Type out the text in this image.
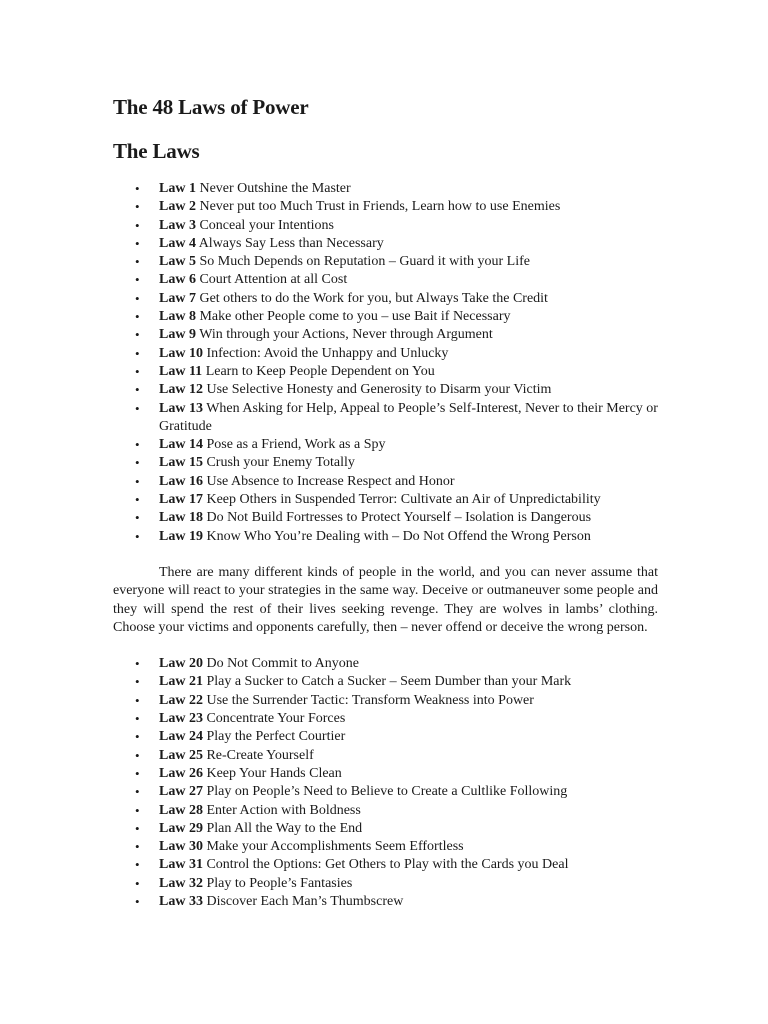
The 48 Laws of Power
The Laws
• Law 1 Never Outshine the Master
• Law 2 Never put too Much Trust in Friends, Learn how to use Enemies
• Law 3 Conceal your Intentions
• Law 4 Always Say Less than Necessary
• Law 5 So Much Depends on Reputation – Guard it with your Life
• Law 6 Court Attention at all Cost
• Law 7 Get others to do the Work for you, but Always Take the Credit
• Law 8 Make other People come to you – use Bait if Necessary
• Law 9 Win through your Actions, Never through Argument
• Law 10 Infection: Avoid the Unhappy and Unlucky
• Law 11 Learn to Keep People Dependent on You
• Law 12 Use Selective Honesty and Generosity to Disarm your Victim
• Law 13 When Asking for Help, Appeal to People’s Self-Interest, Never to their Mercy or Gratitude
• Law 14 Pose as a Friend, Work as a Spy
• Law 15 Crush your Enemy Totally
• Law 16 Use Absence to Increase Respect and Honor
• Law 17 Keep Others in Suspended Terror: Cultivate an Air of Unpredictability
• Law 18 Do Not Build Fortresses to Protect Yourself – Isolation is Dangerous
• Law 19 Know Who You’re Dealing with – Do Not Offend the Wrong Person

There are many different kinds of people in the world, and you can never assume that everyone will react to your strategies in the same way. Deceive or outmaneuver some people and they will spend the rest of their lives seeking revenge. They are wolves in lambs’ clothing. Choose your victims and opponents carefully, then – never offend or deceive the wrong person.

• Law 20 Do Not Commit to Anyone
• Law 21 Play a Sucker to Catch a Sucker – Seem Dumber than your Mark
• Law 22 Use the Surrender Tactic: Transform Weakness into Power
• Law 23 Concentrate Your Forces
• Law 24 Play the Perfect Courtier
• Law 25 Re-Create Yourself
• Law 26 Keep Your Hands Clean
• Law 27 Play on People’s Need to Believe to Create a Cultlike Following
• Law 28 Enter Action with Boldness
• Law 29 Plan All the Way to the End
• Law 30 Make your Accomplishments Seem Effortless
• Law 31 Control the Options: Get Others to Play with the Cards you Deal
• Law 32 Play to People’s Fantasies
• Law 33 Discover Each Man’s Thumbscrew
